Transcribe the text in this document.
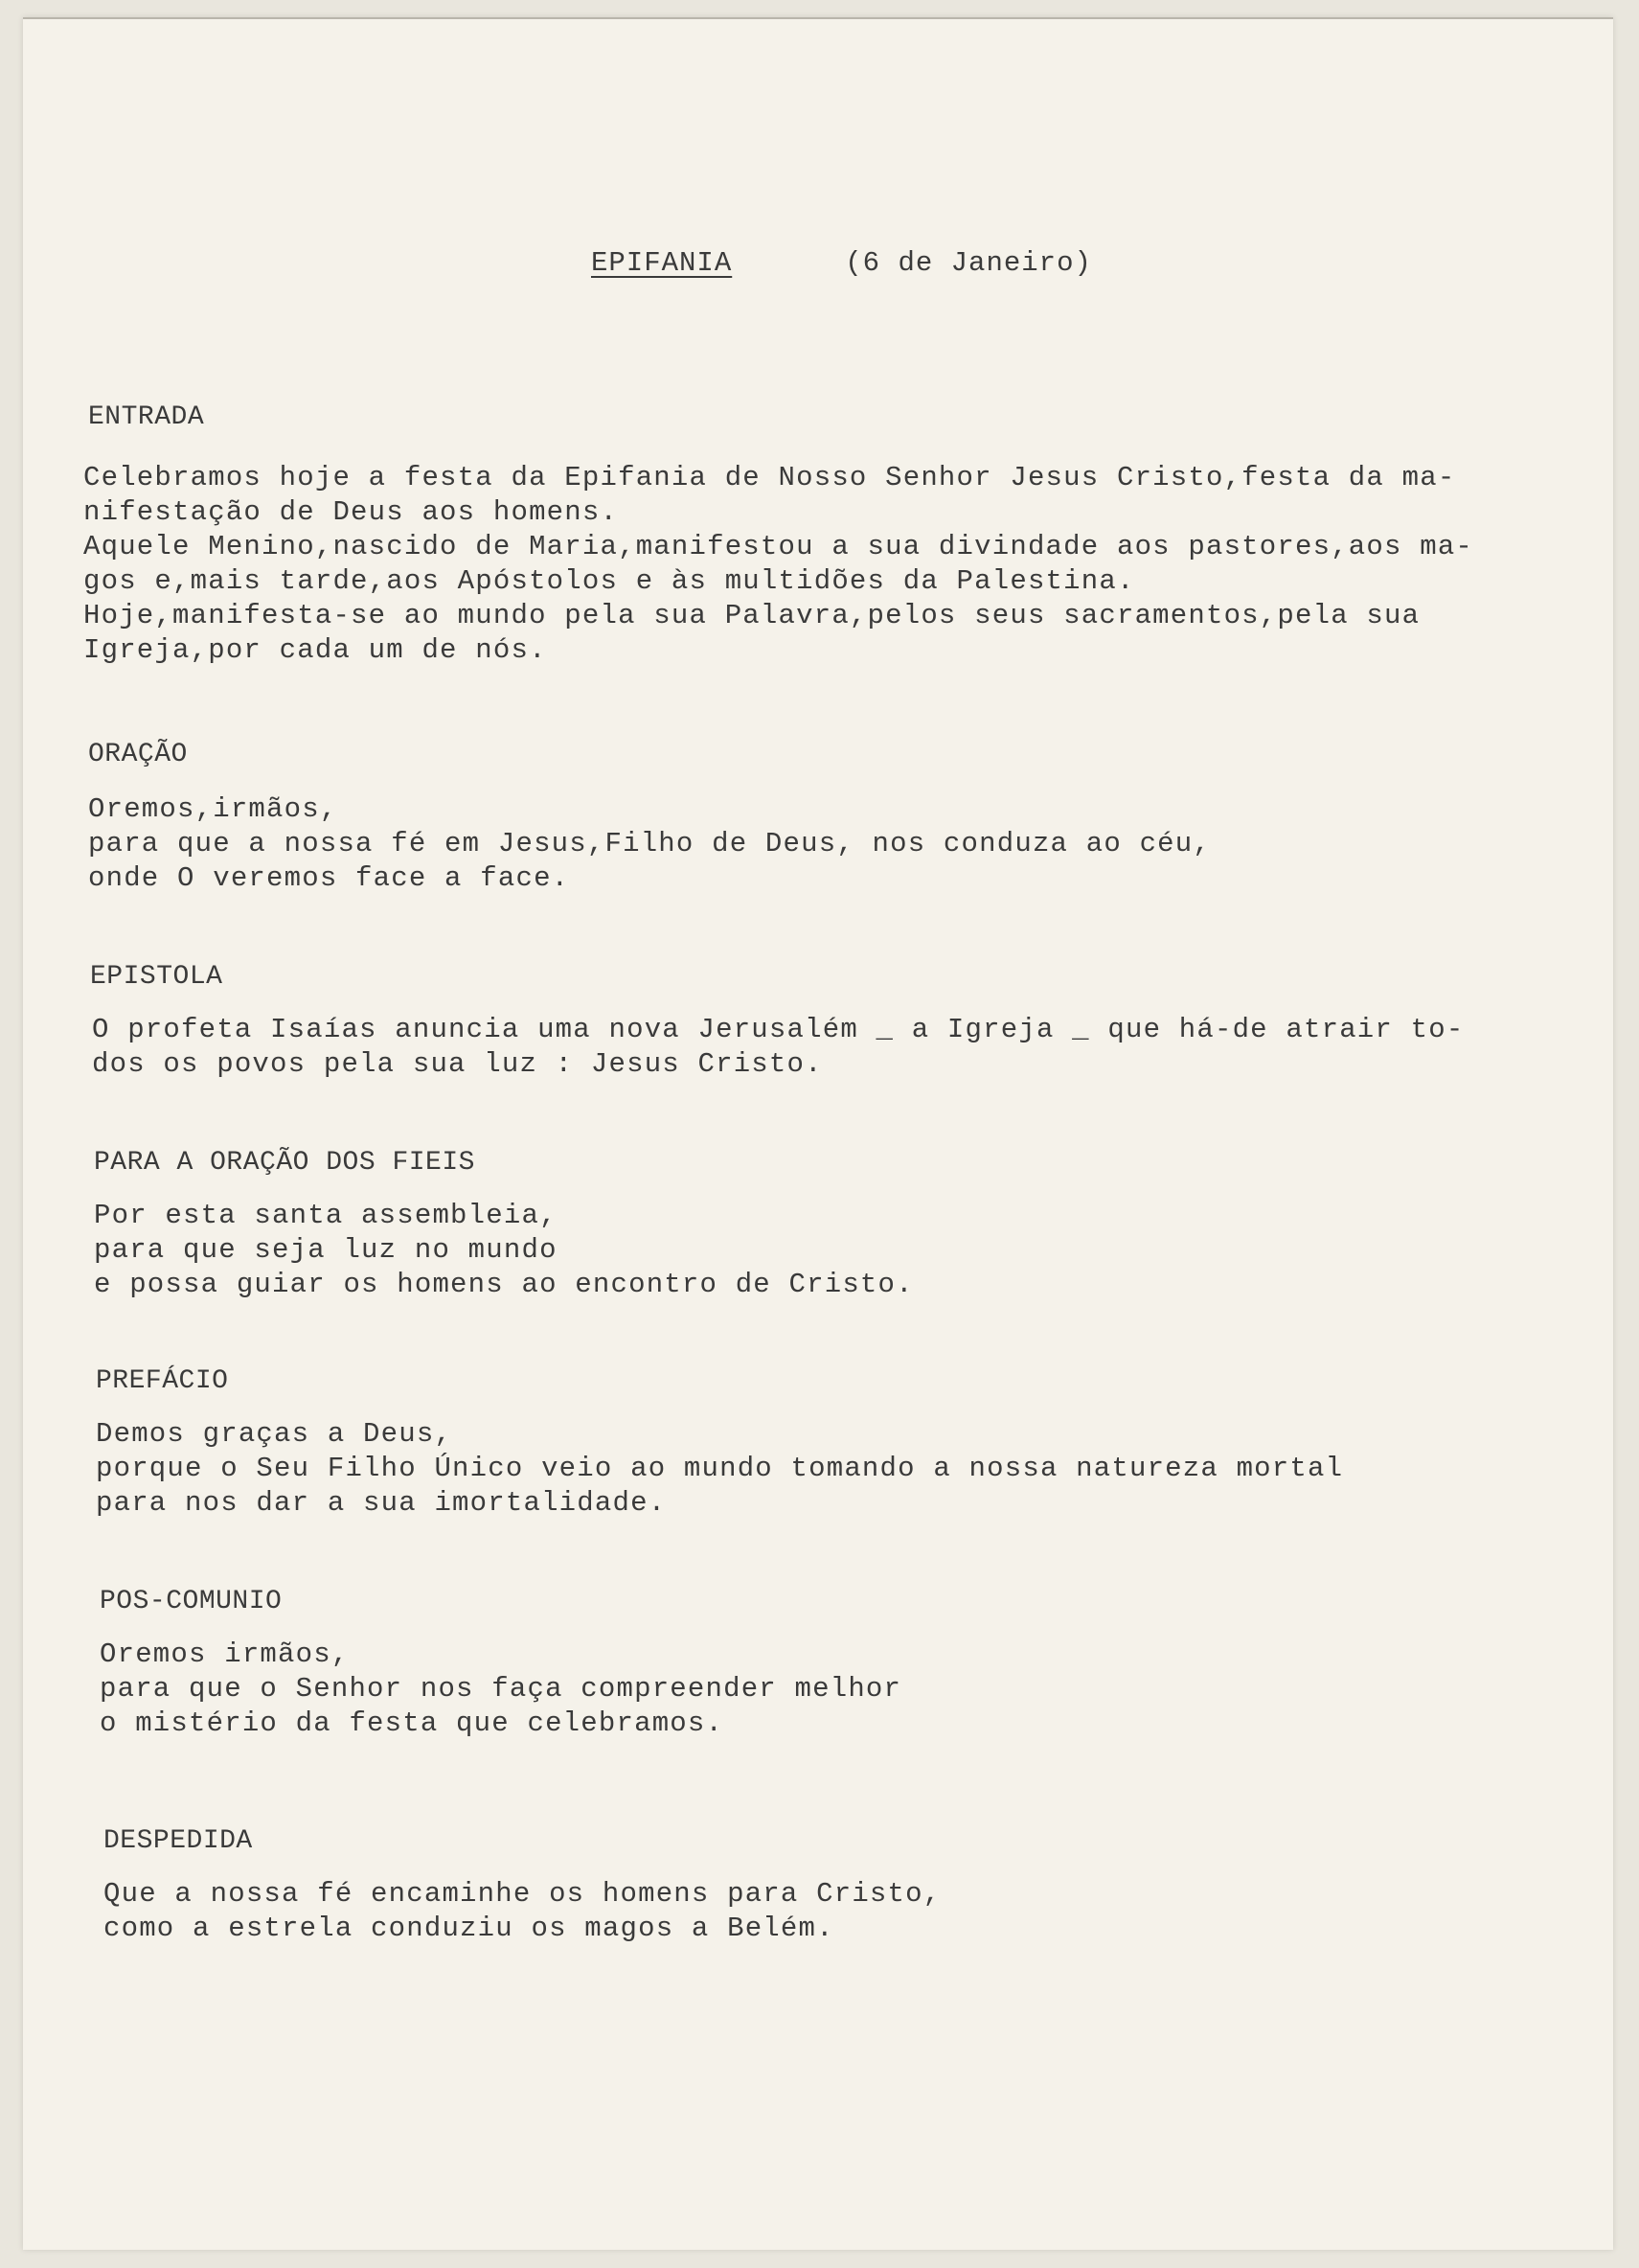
EPIFANIA	(6 de Janeiro)

ENTRADA
Celebramos hoje a festa da Epifania de Nosso Senhor Jesus Cristo,festa da ma-
nifestação de Deus aos homens.
Aquele Menino,nascido de Maria,manifestou a sua divindade aos pastores,aos ma-
gos e,mais tarde,aos Apóstolos e às multidões da Palestina.
Hoje,manifesta-se ao mundo pela sua Palavra,pelos seus sacramentos,pela sua
Igreja,por cada um de nós.
ORAÇÃO
Oremos,irmãos,
para que a nossa fé em Jesus,Filho de Deus, nos conduza ao céu,
onde O veremos face a face.
EPISTOLA
O profeta Isaías anuncia uma nova Jerusalém _ a Igreja _ que há-de atrair to-
dos os povos pela sua luz : Jesus Cristo.
PARA A ORAÇÃO DOS FIEIS
Por esta santa assembleia,
para que seja luz no mundo
e possa guiar os homens ao encontro de Cristo.
PREFÁCIO
Demos graças a Deus,
porque o Seu Filho Único veio ao mundo tomando a nossa natureza mortal
para nos dar a sua imortalidade.
POS-COMUNIO
Oremos irmãos,
para que o Senhor nos faça compreender melhor
o mistério da festa que celebramos.
DESPEDIDA
Que a nossa fé encaminhe os homens para Cristo,
como a estrela conduziu os magos a Belém.
